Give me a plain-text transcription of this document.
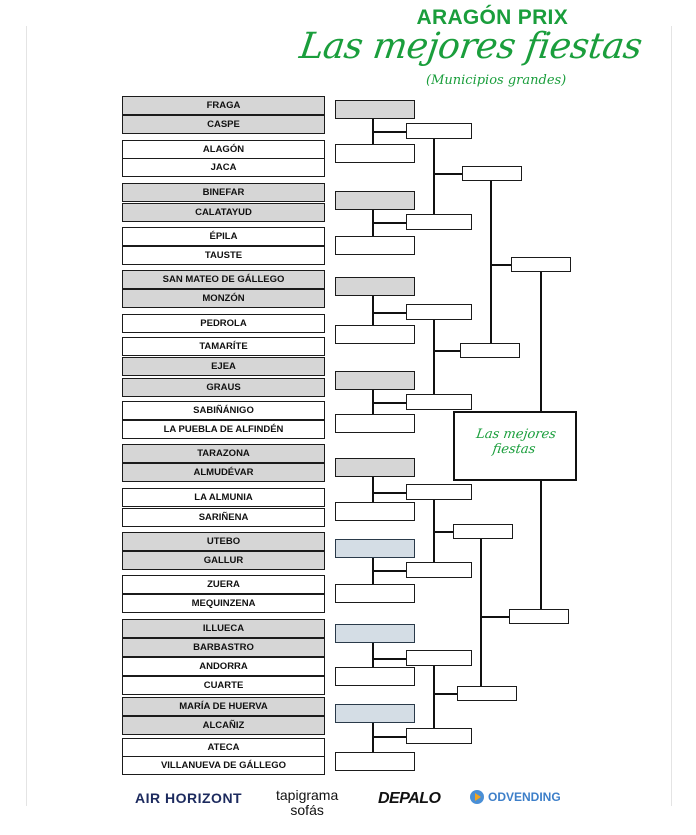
ARAGÓN PRIX
Las mejores fiestas
(Municipios grandes)
FRAGA
CASPE
ALAGÓN
JACA
BINEFAR
CALATAYUD
ÉPILA
TAUSTE
SAN MATEO DE GÁLLEGO
MONZÓN
PEDROLA
TAMARÍTE
EJEA
GRAUS
SABIÑÁNIGO
LA PUEBLA DE ALFINDÉN
TARAZONA
ALMUDÉVAR
LA ALMUNIA
SARIÑENA
UTEBO
GALLUR
ZUERA
MEQUINZENA
ILLUECA
BARBASTRO
ANDORRA
CUARTE
MARÍA DE HUERVA
ALCAÑIZ
ATECA
VILLANUEVA DE GÁLLEGO
Las mejores
fiestas
AIR HORIZONT tapigrama
sofás
DEPALO	ODVENDING
